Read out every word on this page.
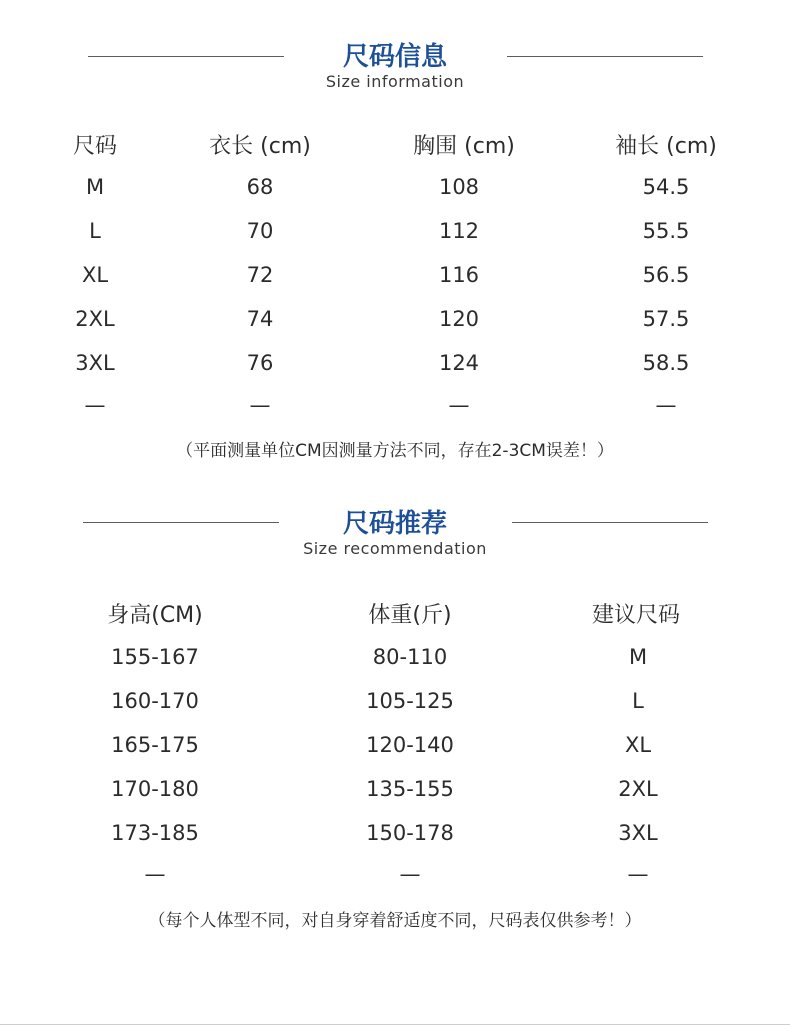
尺码信息
Size information
尺码	衣长 (cm)	胸围 (cm)	袖长 (cm)
M	68	108	54.5
L	70	112	55.5
XL	72	116	56.5
2XL	74	120	57.5
3XL	76	124	58.5
—	—	—	—
（平面测量单位CM因测量方法不同，存在2-3CM误差！）
尺码推荐
Size recommendation
身高(CM)	体重(斤)	建议尺码
155-167	80-110	M
160-170	105-125	L
165-175	120-140	XL
170-180	135-155	2XL
173-185	150-178	3XL
—	—	—
（每个人体型不同，对自身穿着舒适度不同，尺码表仅供参考！）
